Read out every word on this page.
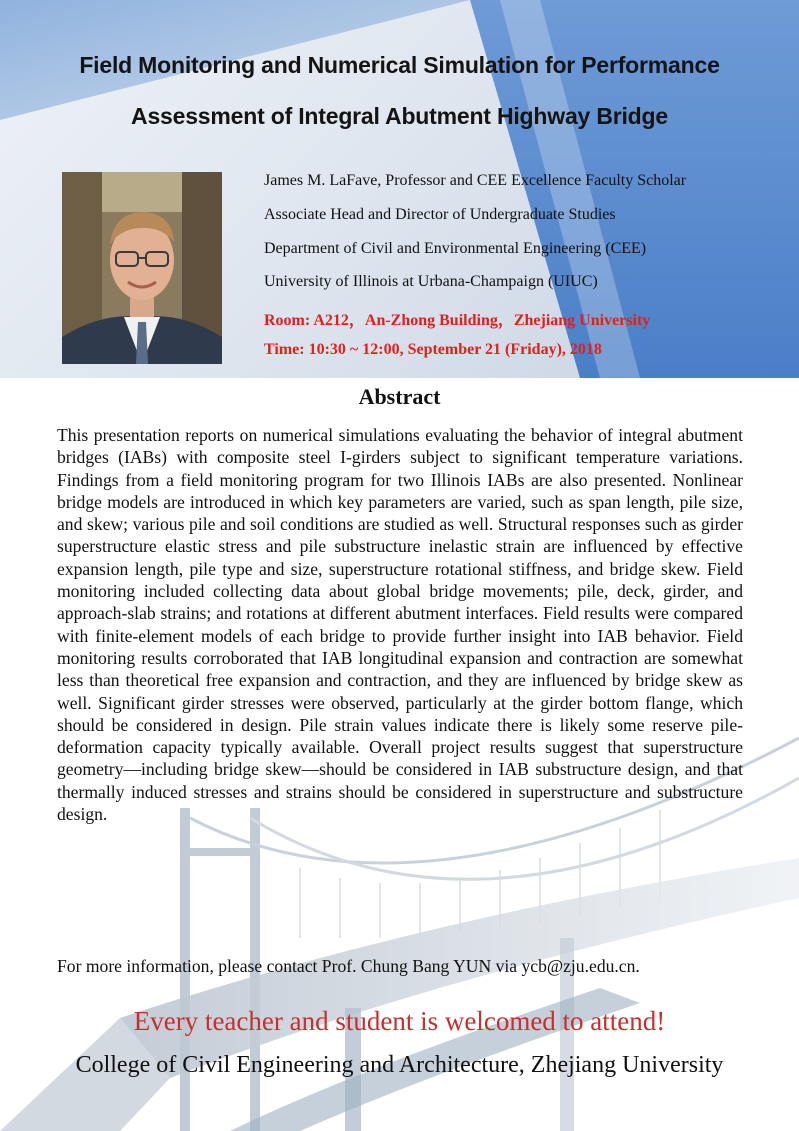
Field Monitoring and Numerical Simulation for Performance
Assessment of Integral Abutment Highway Bridge
James M. LaFave, Professor and CEE Excellence Faculty Scholar
Associate Head and Director of Undergraduate Studies
Department of Civil and Environmental Engineering (CEE)
University of Illinois at Urbana-Champaign (UIUC)
Room: A212，An-Zhong Building，Zhejiang University
Time: 10:30 ~ 12:00, September 21 (Friday), 2018
Abstract

This presentation reports on numerical simulations evaluating the behavior of integral abutment bridges (IABs) with composite steel I-girders subject to significant temperature variations. Findings from a field monitoring program for two Illinois IABs are also presented. Nonlinear bridge models are introduced in which key parameters are varied, such as span length, pile size, and skew; various pile and soil conditions are studied as well. Structural responses such as girder superstructure elastic stress and pile substructure inelastic strain are influenced by effective expansion length, pile type and size, superstructure rotational stiffness, and bridge skew. Field monitoring included collecting data about global bridge movements; pile, deck, girder, and approach-slab strains; and rotations at different abutment interfaces. Field results were compared with finite-element models of each bridge to provide further insight into IAB behavior. Field monitoring results corroborated that IAB longitudinal expansion and contraction are somewhat less than theoretical free expansion and contraction, and they are influenced by bridge skew as well. Significant girder stresses were observed, particularly at the girder bottom flange, which should be considered in design. Pile strain values indicate there is likely some reserve pile-deformation capacity typically available. Overall project results suggest that superstructure geometry—including bridge skew—should be considered in IAB substructure design, and that thermally induced stresses and strains should be considered in superstructure and substructure design.

For more information, please contact Prof. Chung Bang YUN via ycb@zju.edu.cn.
Every teacher and student is welcomed to attend!
College of Civil Engineering and Architecture, Zhejiang University
